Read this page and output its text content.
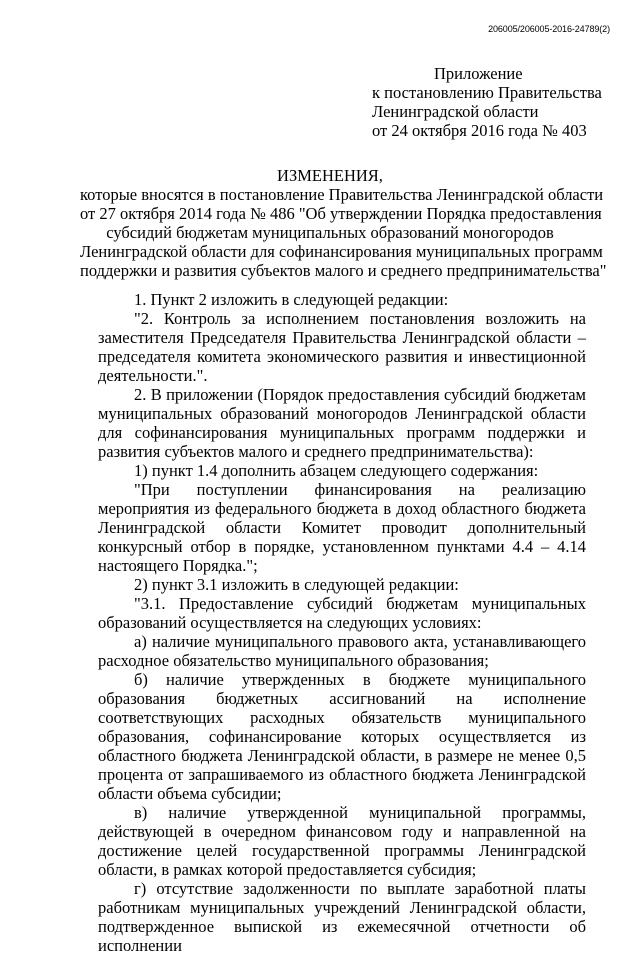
206005/206005-2016-24789(2)
Приложение
к постановлению Правительства
Ленинградской области
от 24 октября 2016 года № 403
ИЗМЕНЕНИЯ,
которые вносятся в постановление Правительства Ленинградской области
от 27 октября 2014 года № 486 "Об утверждении Порядка предоставления
субсидий бюджетам муниципальных образований моногородов
Ленинградской области для софинансирования муниципальных программ
поддержки и развития субъектов малого и среднего предпринимательства"

1. Пункт 2 изложить в следующей редакции:

"2. Контроль за исполнением постановления возложить на заместителя Председателя Правительства Ленинградской области – председателя комитета экономического развития и инвестиционной деятельности.".

2. В приложении (Порядок предоставления субсидий бюджетам муниципальных образований моногородов Ленинградской области для софинансирования муниципальных программ поддержки и развития субъектов малого и среднего предпринимательства):

1) пункт 1.4 дополнить абзацем следующего содержания:

"При поступлении финансирования на реализацию мероприятия из федерального бюджета в доход областного бюджета Ленинградской области Комитет проводит дополнительный конкурсный отбор в порядке, установленном пунктами 4.4 – 4.14 настоящего Порядка.";

2) пункт 3.1 изложить в следующей редакции:

"3.1. Предоставление субсидий бюджетам муниципальных образований осуществляется на следующих условиях:

а) наличие муниципального правового акта, устанавливающего расходное обязательство муниципального образования;

б) наличие утвержденных в бюджете муниципального образования бюджетных ассигнований на исполнение соответствующих расходных обязательств муниципального образования, софинансирование которых осуществляется из областного бюджета Ленинградской области, в размере не менее 0,5 процента от запрашиваемого из областного бюджета Ленинградской области объема субсидии;

в) наличие утвержденной муниципальной программы, действующей в очередном финансовом году и направленной на достижение целей государственной программы Ленинградской области, в рамках которой предоставляется субсидия;

г) отсутствие задолженности по выплате заработной платы работникам муниципальных учреждений Ленинградской области, подтвержденное выпиской из ежемесячной отчетности об исполнении
